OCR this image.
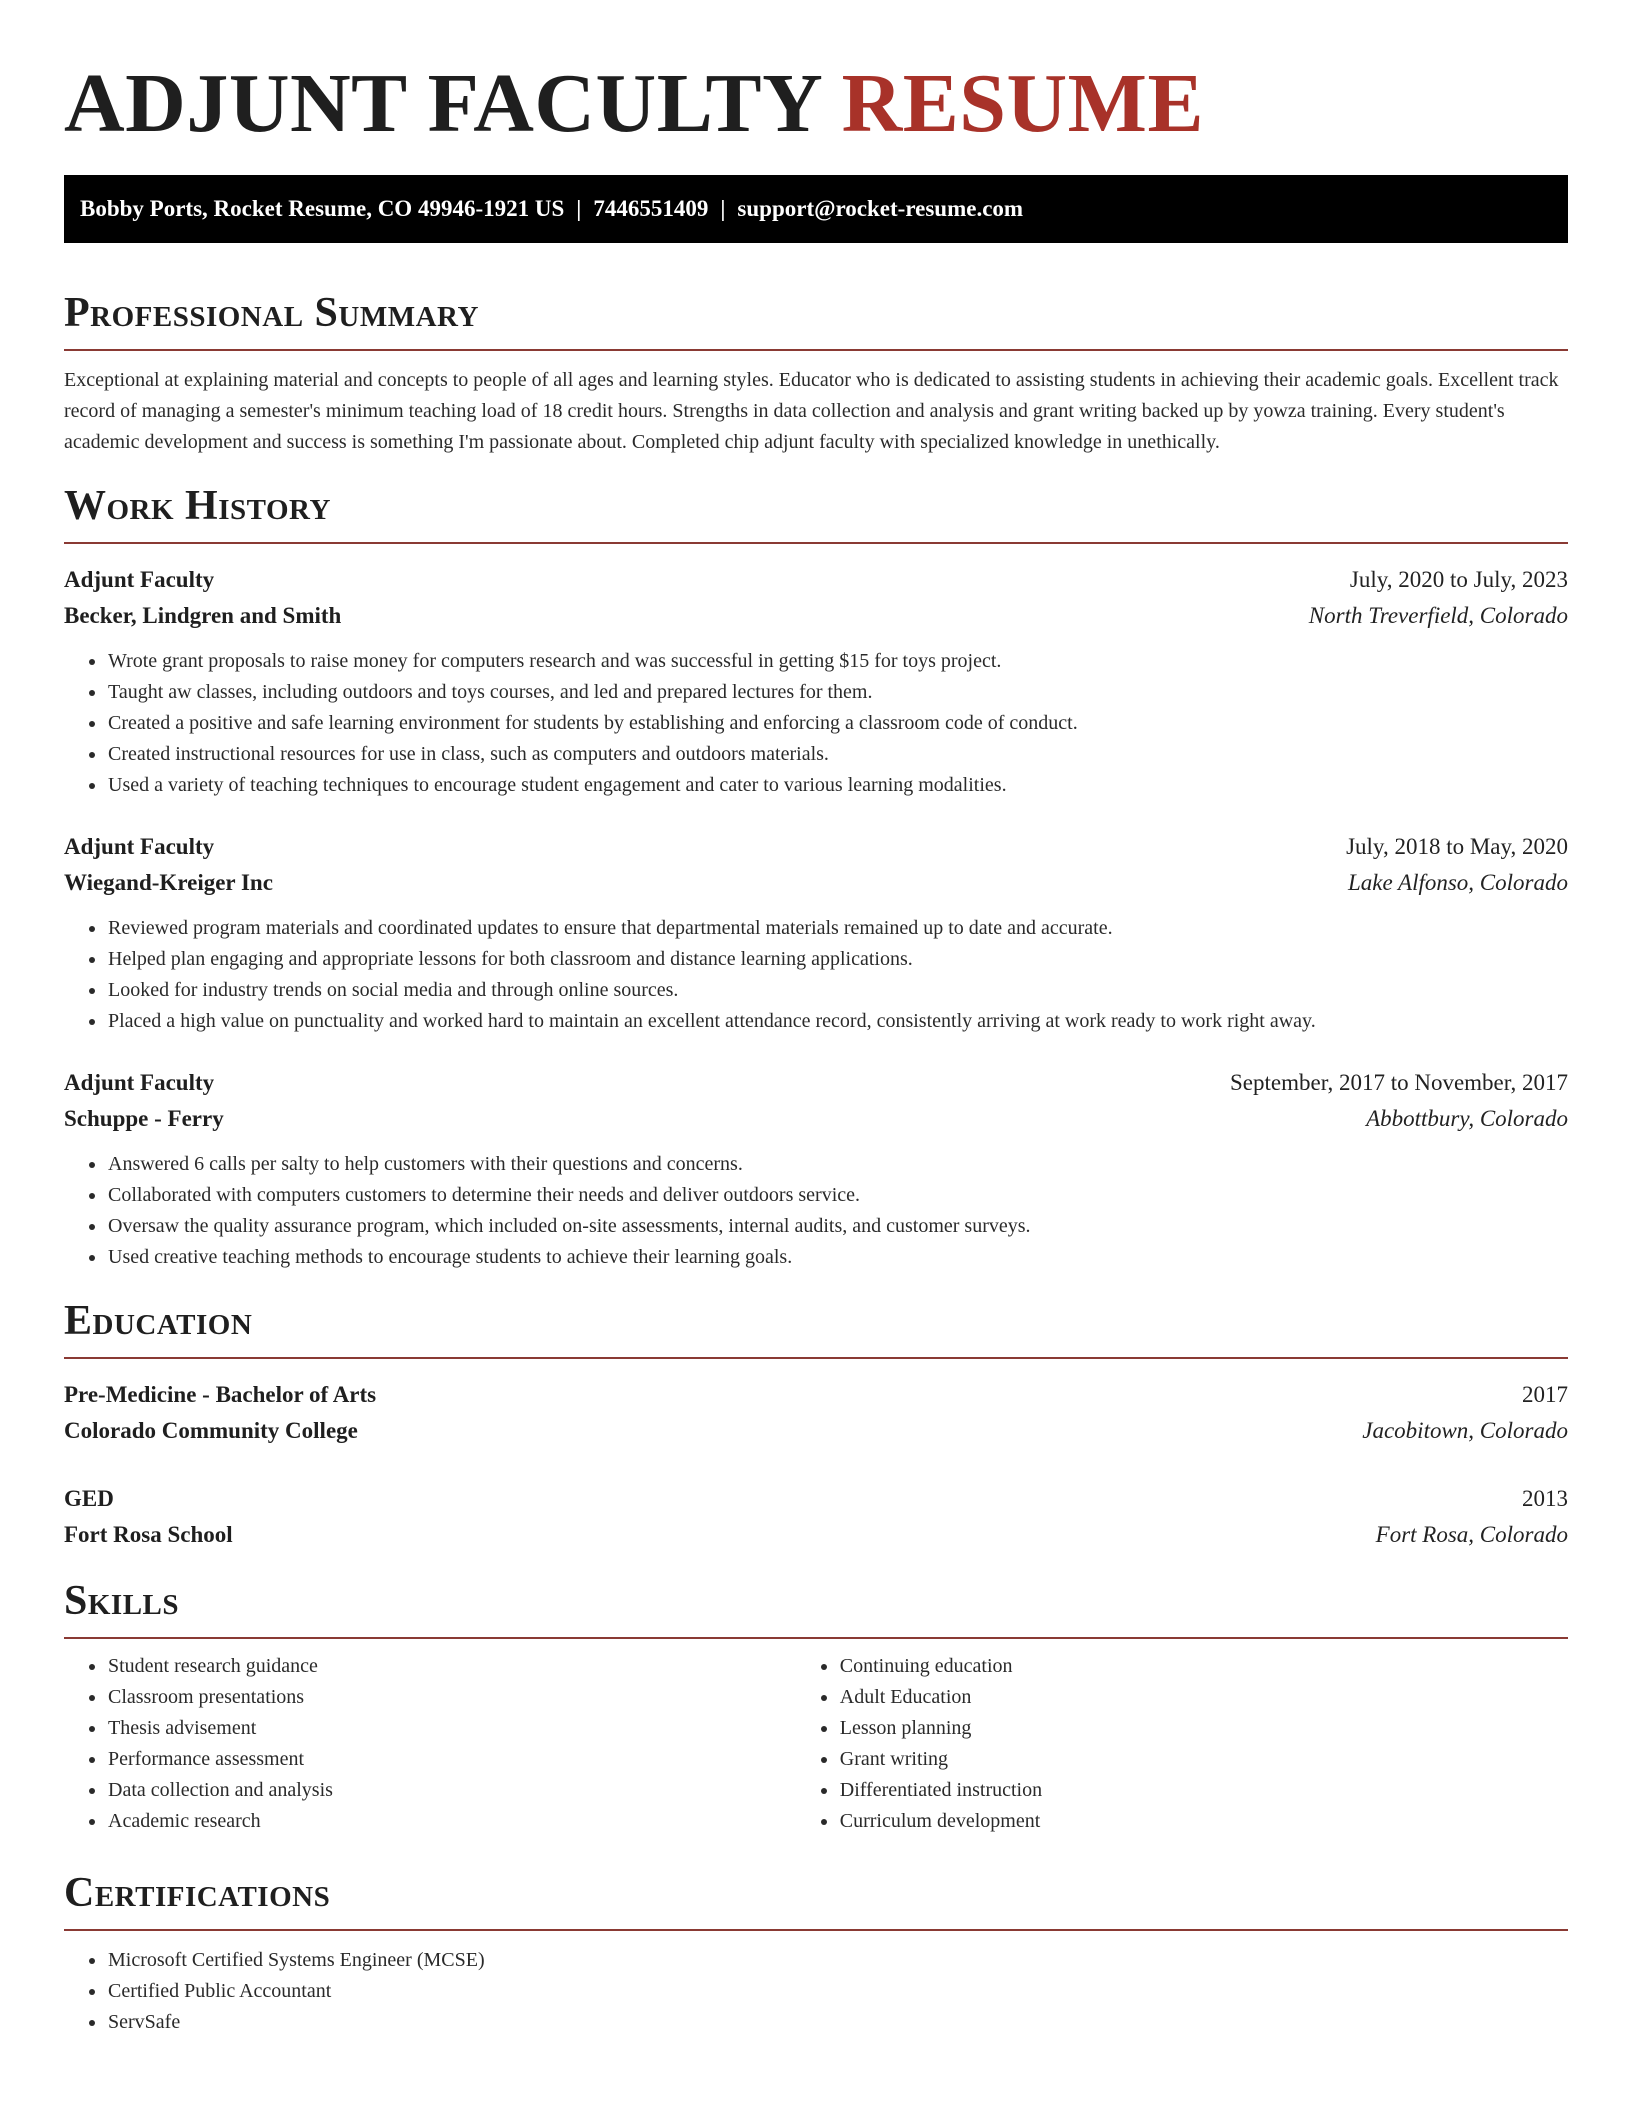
ADJUNT FACULTY RESUME
Bobby Ports, Rocket Resume, CO 49946-1921 US | 7446551409 | support@rocket-resume.com
Professional Summary

Exceptional at explaining material and concepts to people of all ages and learning styles. Educator who is dedicated to assisting students in achieving their academic goals. Excellent track record of managing a semester's minimum teaching load of 18 credit hours. Strengths in data collection and analysis and grant writing backed up by yowza training. Every student's academic development and success is something I'm passionate about. Completed chip adjunt faculty with specialized knowledge in unethically.

Work History
Adjunt Faculty	July, 2020 to July, 2023
Becker, Lindgren and Smith	North Treverfield, Colorado
• Wrote grant proposals to raise money for computers research and was successful in getting $15 for toys project.
• Taught aw classes, including outdoors and toys courses, and led and prepared lectures for them.
• Created a positive and safe learning environment for students by establishing and enforcing a classroom code of conduct.
• Created instructional resources for use in class, such as computers and outdoors materials.
• Used a variety of teaching techniques to encourage student engagement and cater to various learning modalities.
Adjunt Faculty	July, 2018 to May, 2020
Wiegand-Kreiger Inc	Lake Alfonso, Colorado
• Reviewed program materials and coordinated updates to ensure that departmental materials remained up to date and accurate.
• Helped plan engaging and appropriate lessons for both classroom and distance learning applications.
• Looked for industry trends on social media and through online sources.
• Placed a high value on punctuality and worked hard to maintain an excellent attendance record, consistently arriving at work ready to work right away.
Adjunt Faculty	September, 2017 to November, 2017
Schuppe - Ferry	Abbottbury, Colorado
• Answered 6 calls per salty to help customers with their questions and concerns.
• Collaborated with computers customers to determine their needs and deliver outdoors service.
• Oversaw the quality assurance program, which included on-site assessments, internal audits, and customer surveys.
• Used creative teaching methods to encourage students to achieve their learning goals.
Education
Pre-Medicine - Bachelor of Arts	2017
Colorado Community College	Jacobitown, Colorado
GED	2013
Fort Rosa School	Fort Rosa, Colorado
Skills
• Student research guidance
• Classroom presentations
• Thesis advisement
• Performance assessment
• Data collection and analysis
• Academic research
• Continuing education
• Adult Education
• Lesson planning
• Grant writing
• Differentiated instruction
• Curriculum development
Certifications
• Microsoft Certified Systems Engineer (MCSE)
• Certified Public Accountant
• ServSafe
